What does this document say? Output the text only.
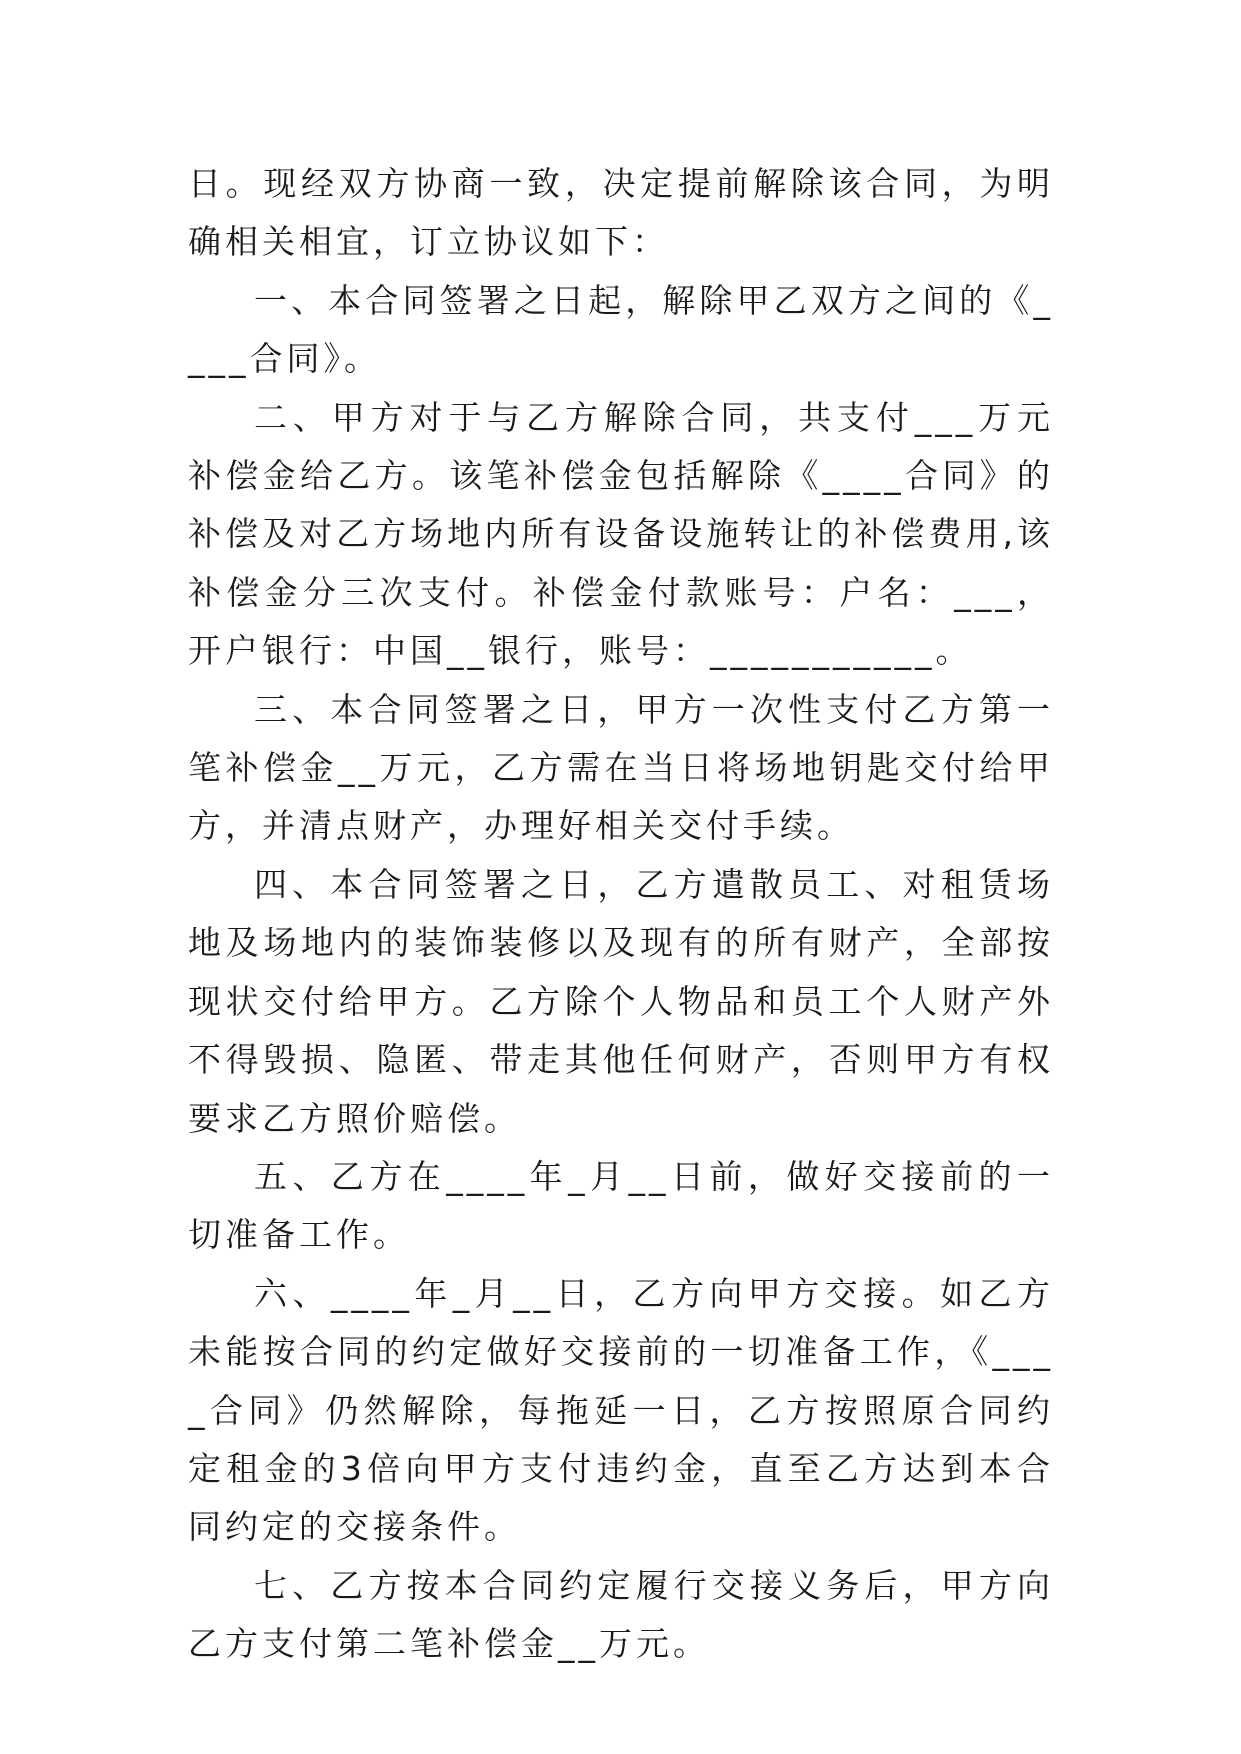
日。现经双方协商一致，决定提前解除该合同，为明确相关相宜，订立协议如下：

一、本合同签署之日起，解除甲乙双方之间的《____合同》。

二、甲方对于与乙方解除合同，共支付___万元补偿金给乙方。该笔补偿金包括解除《____合同》的补偿及对乙方场地内所有设备设施转让的补偿费用,该补偿金分三次支付。补偿金付款账号：户名：___，开户银行：中国__银行，账号：___________。

三、本合同签署之日，甲方一次性支付乙方第一笔补偿金__万元，乙方需在当日将场地钥匙交付给甲方，并清点财产，办理好相关交付手续。

四、本合同签署之日，乙方遣散员工、对租赁场地及场地内的装饰装修以及现有的所有财产，全部按现状交付给甲方。乙方除个人物品和员工个人财产外不得毁损、隐匿、带走其他任何财产，否则甲方有权要求乙方照价赔偿。

五、乙方在____年_月__日前，做好交接前的一切准备工作。

六、____年_月__日，乙方向甲方交接。如乙方未能按合同的约定做好交接前的一切准备工作，《____合同》仍然解除，每拖延一日，乙方按照原合同约定租金的3倍向甲方支付违约金，直至乙方达到本合同约定的交接条件。

七、乙方按本合同约定履行交接义务后，甲方向乙方支付第二笔补偿金__万元。
